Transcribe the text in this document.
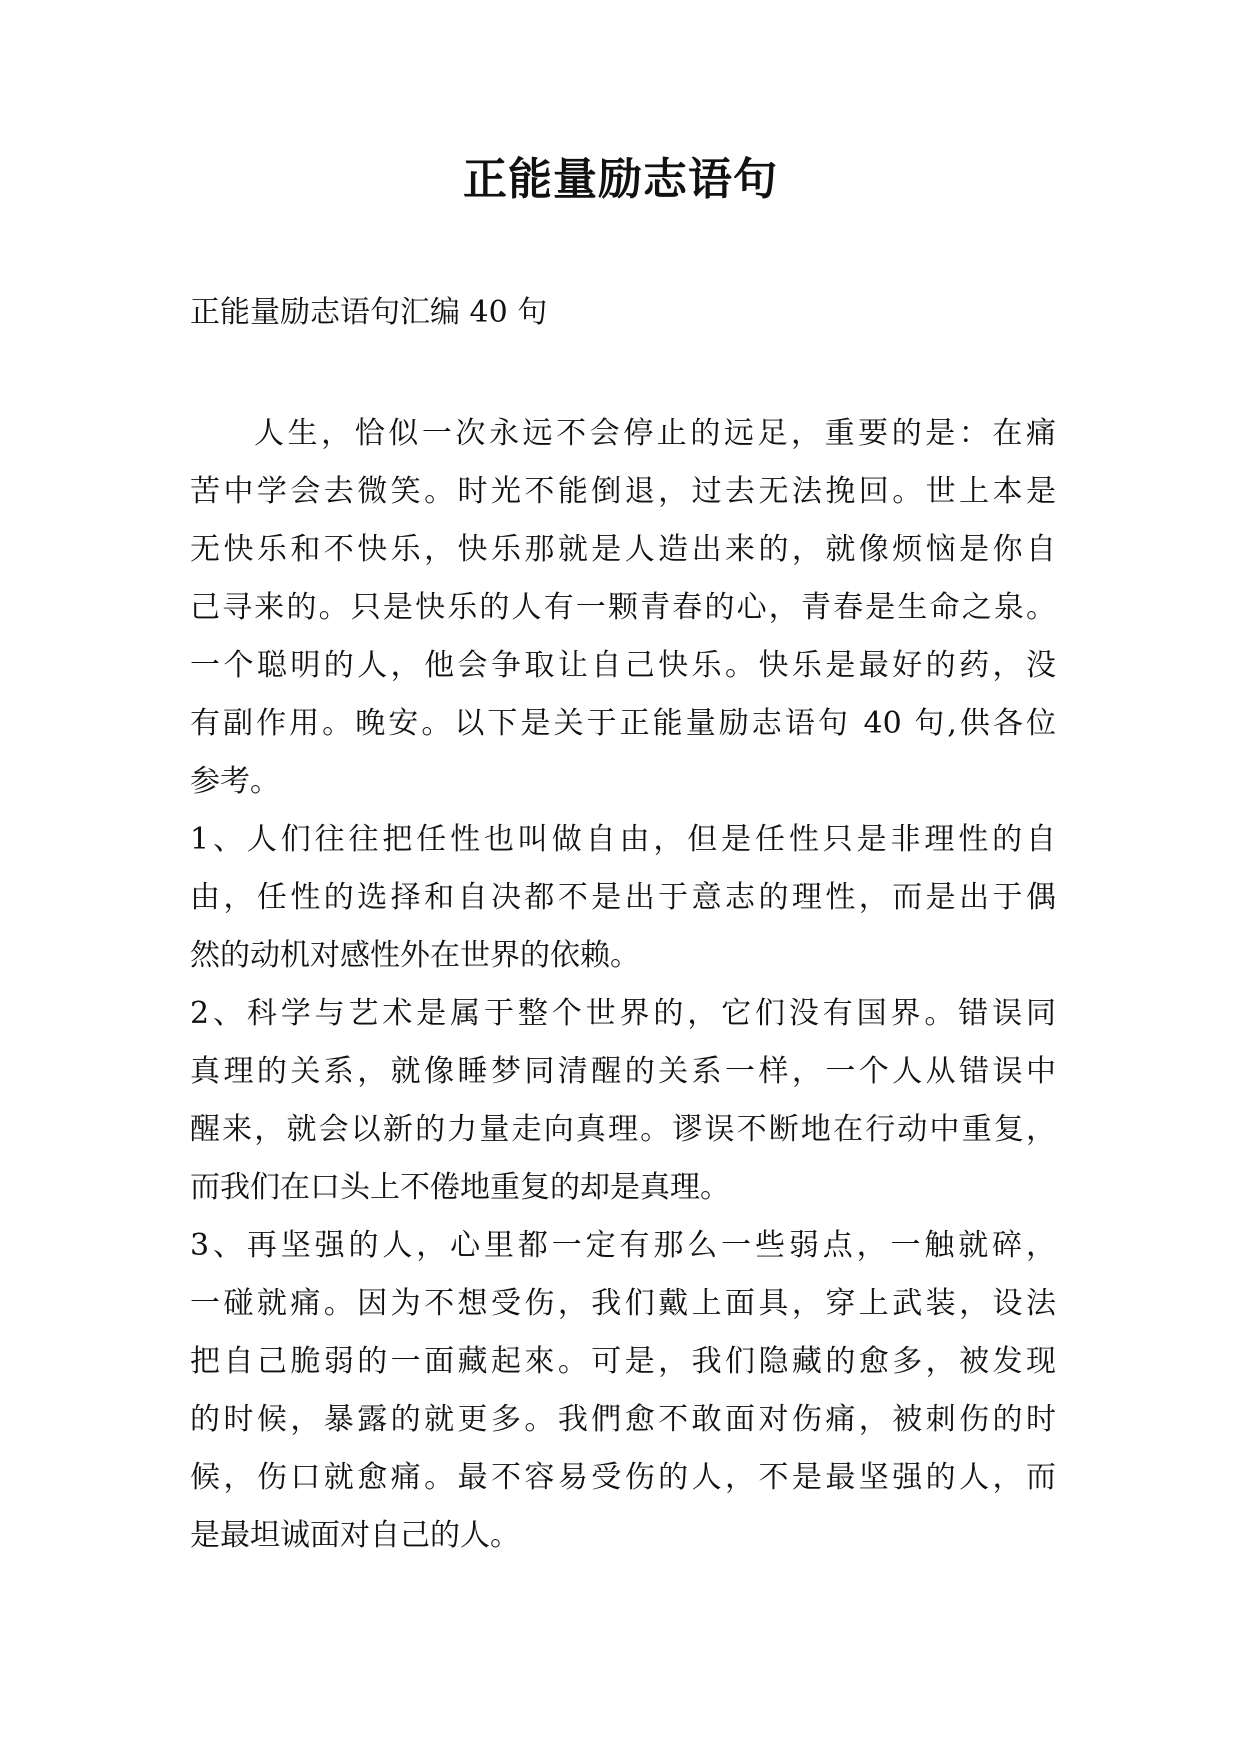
正能量励志语句

正能量励志语句汇编 40 句

人生，恰似一次永远不会停止的远足，重要的是：在痛
苦中学会去微笑。时光不能倒退，过去无法挽回。世上本是
无快乐和不快乐，快乐那就是人造出来的，就像烦恼是你自
己寻来的。只是快乐的人有一颗青春的心，青春是生命之泉。
一个聪明的人，他会争取让自己快乐。快乐是最好的药，没
有副作用。晚安。以下是关于正能量励志语句 40 句,供各位
参考。
1、人们往往把任性也叫做自由，但是任性只是非理性的自
由，任性的选择和自决都不是出于意志的理性，而是出于偶
然的动机对感性外在世界的依赖。
2、科学与艺术是属于整个世界的，它们没有国界。错误同
真理的关系，就像睡梦同清醒的关系一样，一个人从错误中
醒来，就会以新的力量走向真理。谬误不断地在行动中重复，
而我们在口头上不倦地重复的却是真理。
3、再坚强的人，心里都一定有那么一些弱点，一触就碎，
一碰就痛。因为不想受伤，我们戴上面具，穿上武装，设法
把自己脆弱的一面藏起來。可是，我们隐藏的愈多，被发现
的时候，暴露的就更多。我們愈不敢面对伤痛，被刺伤的时
候，伤口就愈痛。最不容易受伤的人，不是最坚强的人，而
是最坦诚面对自己的人。
